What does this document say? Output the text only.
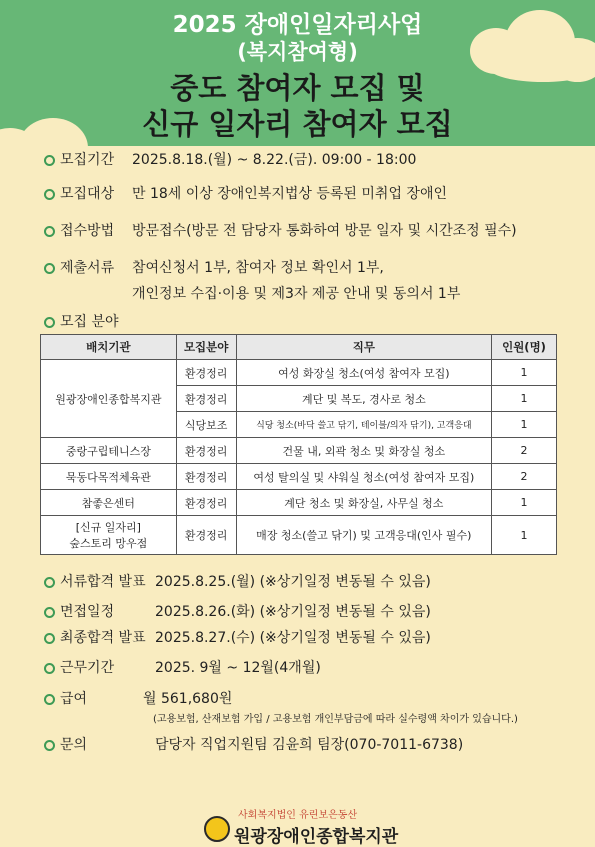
2025 장애인일자리사업
(복지참여형)
중도 참여자 모집 및
신규 일자리 참여자 모집
모집기간 2025.8.18.(월) ~ 8.22.(금). 09:00 - 18:00
모집대상 만 18세 이상 장애인복지법상 등록된 미취업 장애인
접수방법 방문접수(방문 전 담당자 통화하여 방문 일자 및 시간조정 필수)
제출서류 참여신청서 1부, 참여자 정보 확인서 1부,
개인정보 수집·이용 및 제3자 제공 안내 및 동의서 1부
모집 분야
배치기관	모집분야	직무	인원(명)
원광장애인종합복지관	환경정리	여성 화장실 청소(여성 참여자 모집)	1
	환경정리	계단 및 복도, 경사로 청소	1
	식당보조	식당 청소(바닥 쓸고 닦기, 테이블/의자 닦기), 고객응대	1
중랑구립테니스장	환경정리	건물 내, 외곽 청소 및 화장실 청소	2
묵동다목적체육관	환경정리	여성 탈의실 및 샤워실 청소(여성 참여자 모집)	2
참좋은센터	환경정리	계단 청소 및 화장실, 사무실 청소	1

[신규 일자리]
숲스토리 망우점	환경정리	매장 청소(쓸고 닦기) 및 고객응대(인사 필수)	1
서류합격 발표 2025.8.25.(월) (※상기일정 변동될 수 있음)
면접일정	2025.8.26.(화) (※상기일정 변동될 수 있음)
최종합격 발표 2025.8.27.(수) (※상기일정 변동될 수 있음)
근무기간	2025. 9월 ~ 12월(4개월)
급여	월 561,680원
(고용보험, 산재보험 가입 / 고용보험 개인부담금에 따라 실수령액 차이가 있습니다.)
문의	담당자 직업지원팀 김윤희 팀장(070-7011-6738)
사회복지법인 유린보은동산
원광장애인종합복지관
